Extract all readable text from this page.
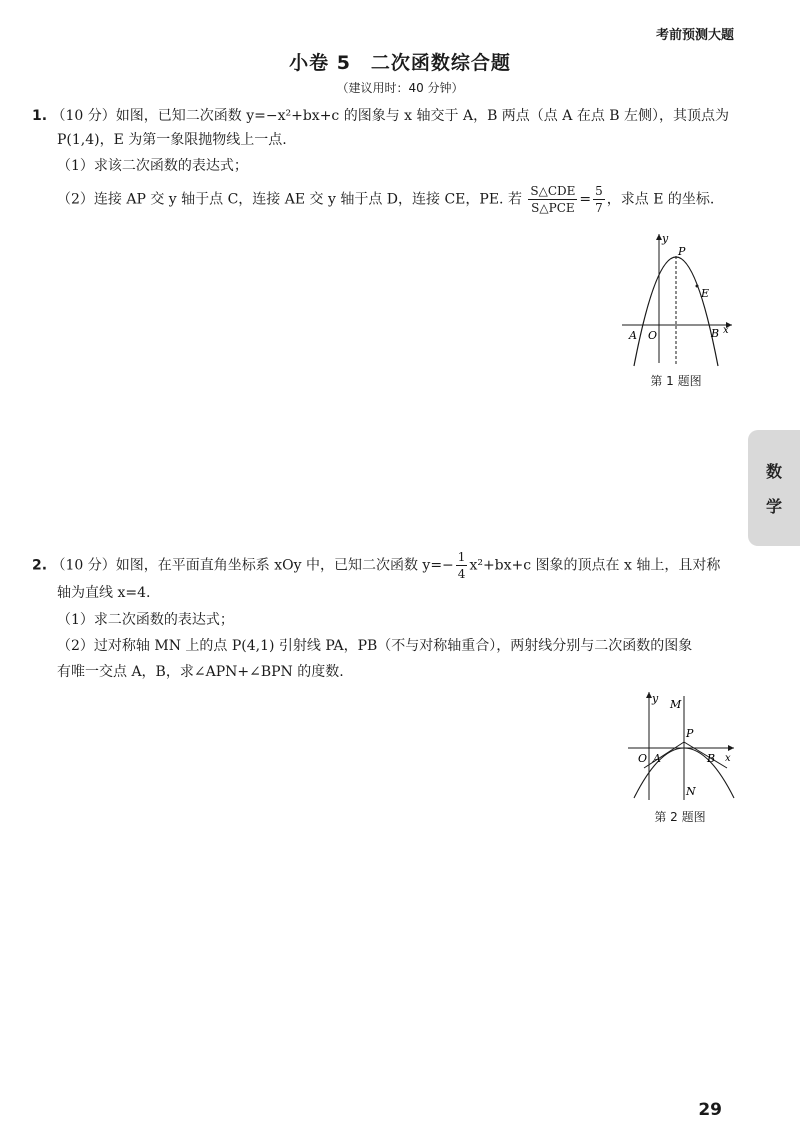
考前预测大题
小卷 5　二次函数综合题
（建议用时：40 分钟）
1. （10 分）如图，已知二次函数 y=−x²+bx+c 的图象与 x 轴交于 A，B 两点（点 A 在点 B 左侧），其顶点为
P(1,4)，E 为第一象限抛物线上一点.
（1）求该二次函数的表达式；
（2）连接 AP 交 y 轴于点 C，连接 AE 交 y 轴于点 D，连接 CE，PE. 若 $\frac{\text{S△CDE}}{\text{S△PCE}} = \frac{5}{7}$ ，求点 E 的坐标.
y
P
E
A O	B x
第 1 题图
2. （10 分）如图，在平面直角坐标系 xOy 中，已知二次函数 $y=- \frac{1}{4} x^2+bx+c$ 图象的顶点在 x 轴上，且对称
轴为直线 x=4.
（1）求二次函数的表达式；
（2）过对称轴 MN 上的点 P(4,1) 引射线 PA，PB（不与对称轴重合），两射线分别与二次函数的图象
有唯一交点 A，B，求∠APN+∠BPN 的度数.
y M
P
O A	B x
N
第 2 题图
数
学
29
